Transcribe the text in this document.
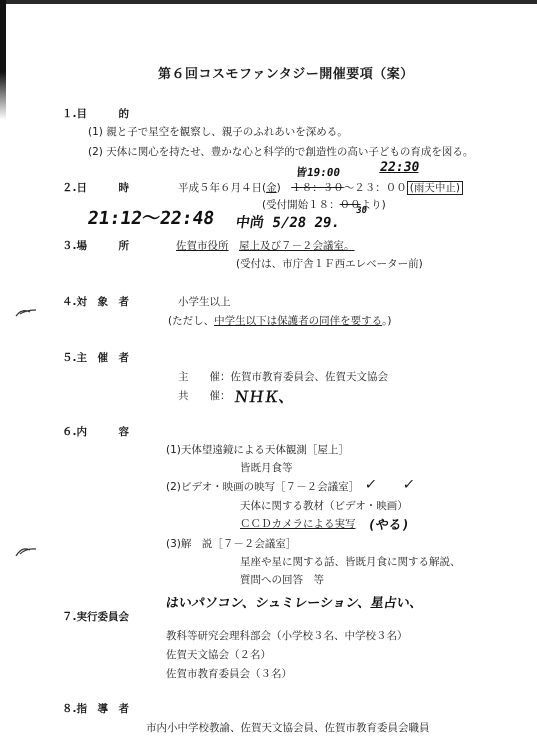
第６回コスモファンタジー開催要項（案）
１.目　　　的
(1) 親と子で星空を観察し、親子のふれあいを深める。
(2) 天体に関心を持たせ、豊かな心と科学的で創造性の高い子どもの育成を図る。
２.日　　　時	平成５年６月４日(金)　１８：３０～２３：００ (雨天中止)
(受付開始１８：００より)
皆19:00	22:30
30
21:12～22:48 中尚 5/28 29.
３.場　　　所	佐賀市役所　 屋上及び７－２会議室。
(受付は、市庁舎１Ｆ西エレベーター前)
４.対　象　者	小学生以上
(ただし、中学生以下は保護者の同伴を要する。)
５.主　催　者
主　　催：佐賀市教育委員会、佐賀天文協会
共　　催： ＮＨＫ、
６.内　　　容
(1)天体望遠鏡による天体観測［屋上］
皆既月食等
(2)ビデオ・映画の映写［７－２会議室］ ✓ ✓
天体に関する教材（ビデオ・映画）
ＣＣＤカメラによる実写 (やる)
(3)解　説［７－２会議室］
星座や星に関する話、皆既月食に関する解説、
質問への回答　等
はいパソコン、シュミレーション、星占い、
７.実行委員会
教科等研究会理科部会（小学校３名、中学校３名）
佐賀天文協会（２名）
佐賀市教育委員会（３名）
８.指　導　者
市内小中学校教諭、佐賀天文協会員、佐賀市教育委員会職員
